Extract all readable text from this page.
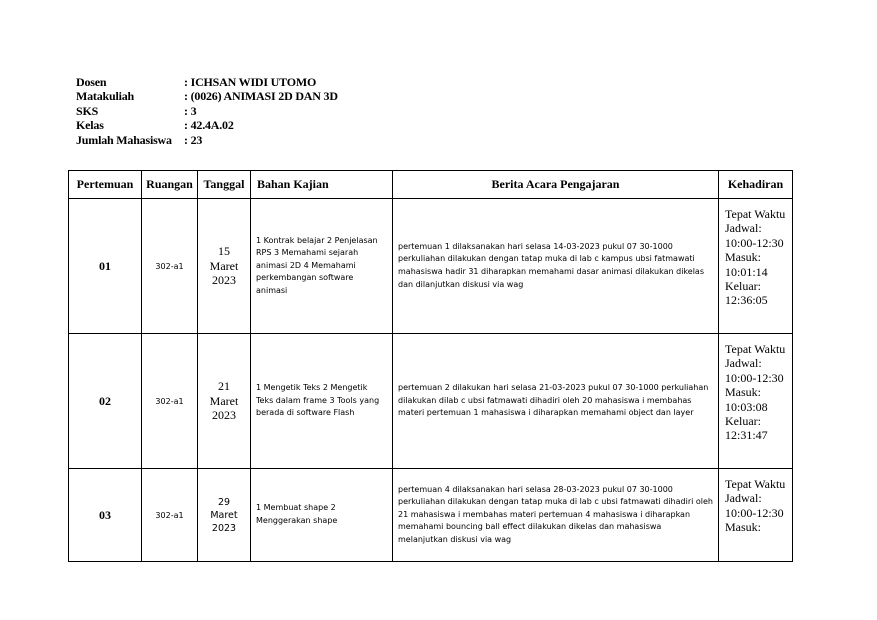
Dosen	: ICHSAN WIDI UTOMO
Matakuliah	: (0026) ANIMASI 2D DAN 3D
SKS	: 3
Kelas	: 42.4A.02
Jumlah Mahasiswa	: 23
Pertemuan	Ruangan	Tanggal	Bahan Kajian	Berita Acara Pengajaran	Kehadiran
01	302-a1	15 Maret 2023	1 Kontrak belajar 2 Penjelasan RPS 3 Memahami sejarah animasi 2D 4 Memahami perkembangan software animasi	pertemuan 1 dilaksanakan hari selasa 14-03-2023 pukul 07 30-1000 perkuliahan dilakukan dengan tatap muka di lab c kampus ubsi fatmawati mahasiswa hadir 31 diharapkan memahami dasar animasi dilakukan dikelas dan dilanjutkan diskusi via wag	Tepat Waktu Jadwal: 10:00-12:30 Masuk: 10:01:14 Keluar: 12:36:05
02	302-a1	21 Maret 2023	1 Mengetik Teks 2 Mengetik Teks dalam frame 3 Tools yang berada di software Flash	pertemuan 2 dilakukan hari selasa 21-03-2023 pukul 07 30-1000 perkuliahan dilakukan dilab c ubsi fatmawati dihadiri oleh 20 mahasiswa i membahas materi pertemuan 1 mahasiswa i diharapkan memahami object dan layer	Tepat Waktu Jadwal: 10:00-12:30 Masuk: 10:03:08 Keluar: 12:31:47
03	302-a1	29 Maret 2023	1 Membuat shape 2 Menggerakan shape	pertemuan 4 dilaksanakan hari selasa 28-03-2023 pukul 07 30-1000 perkuliahan dilakukan dengan tatap muka di lab c ubsi fatmawati dihadiri oleh 21 mahasiswa i membahas materi pertemuan 4 mahasiswa i diharapkan memahami bouncing ball effect dilakukan dikelas dan mahasiswa melanjutkan diskusi via wag	Tepat Waktu Jadwal: 10:00-12:30 Masuk:
